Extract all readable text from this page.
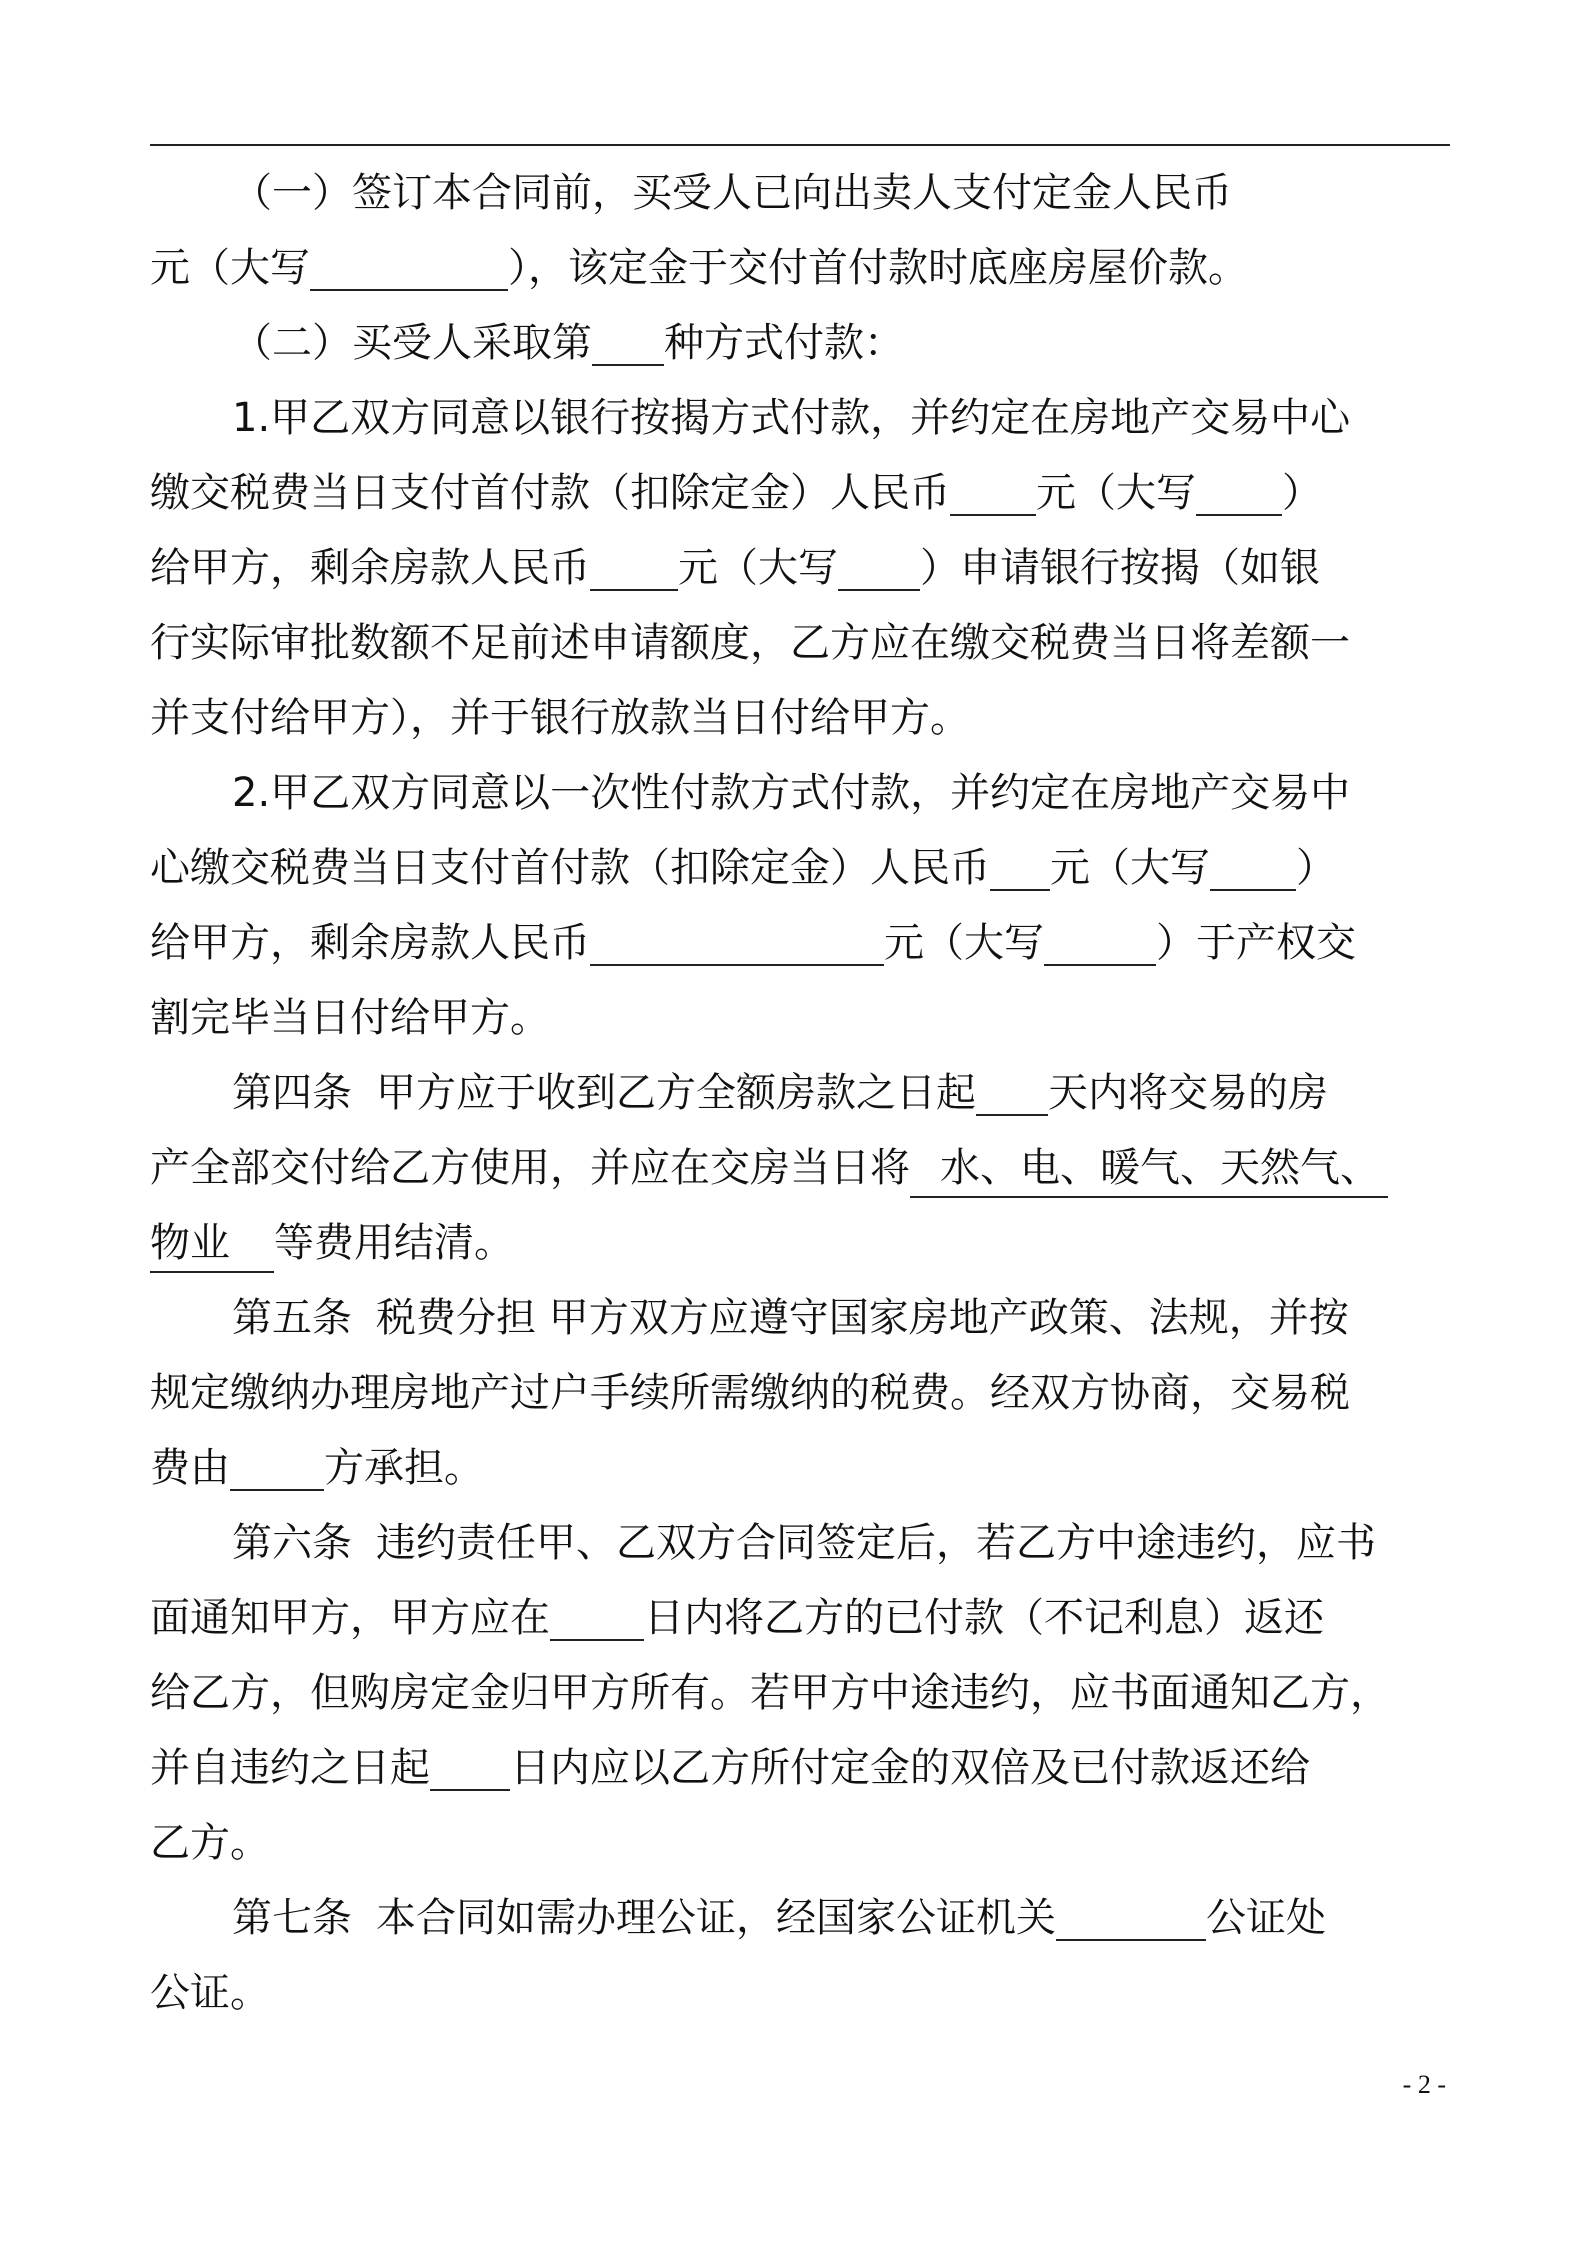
（一）签订本合同前，买受人已向出卖人支付定金人民币

元（大写	），该定金于交付首付款时底座房屋价款。

（二）买受人采取第 种方式付款：

1.甲乙双方同意以银行按揭方式付款，并约定在房地产交易中心

缴交税费当日支付首付款（扣除定金）人民币 元（大写 ）

给甲方，剩余房款人民币 元（大写 ）申请银行按揭（如银

行实际审批数额不足前述申请额度，乙方应在缴交税费当日将差额一

并支付给甲方），并于银行放款当日付给甲方。

2.甲乙双方同意以一次性付款方式付款，并约定在房地产交易中

心缴交税费当日支付首付款（扣除定金）人民币 元（大写 ）

给甲方，剩余房款人民币	元（大写	）于产权交

割完毕当日付给甲方。

第四条 甲方应于收到乙方全额房款之日起 天内将交易的房

产全部交付给乙方使用，并应在交房当日将 水、电、暖气、天然气、

物业 等费用结清。

第五条 税费分担 甲方双方应遵守国家房地产政策、法规，并按

规定缴纳办理房地产过户手续所需缴纳的税费。经双方协商，交易税

费由 方承担。

第六条 违约责任甲、乙双方合同签定后，若乙方中途违约，应书

面通知甲方，甲方应在 日内将乙方的已付款（不记利息）返还

给乙方，但购房定金归甲方所有。若甲方中途违约，应书面通知乙方，

并自违约之日起 日内应以乙方所付定金的双倍及已付款返还给

乙方。

第七条 本合同如需办理公证，经国家公证机关	公证处

公证。

- 2 -
